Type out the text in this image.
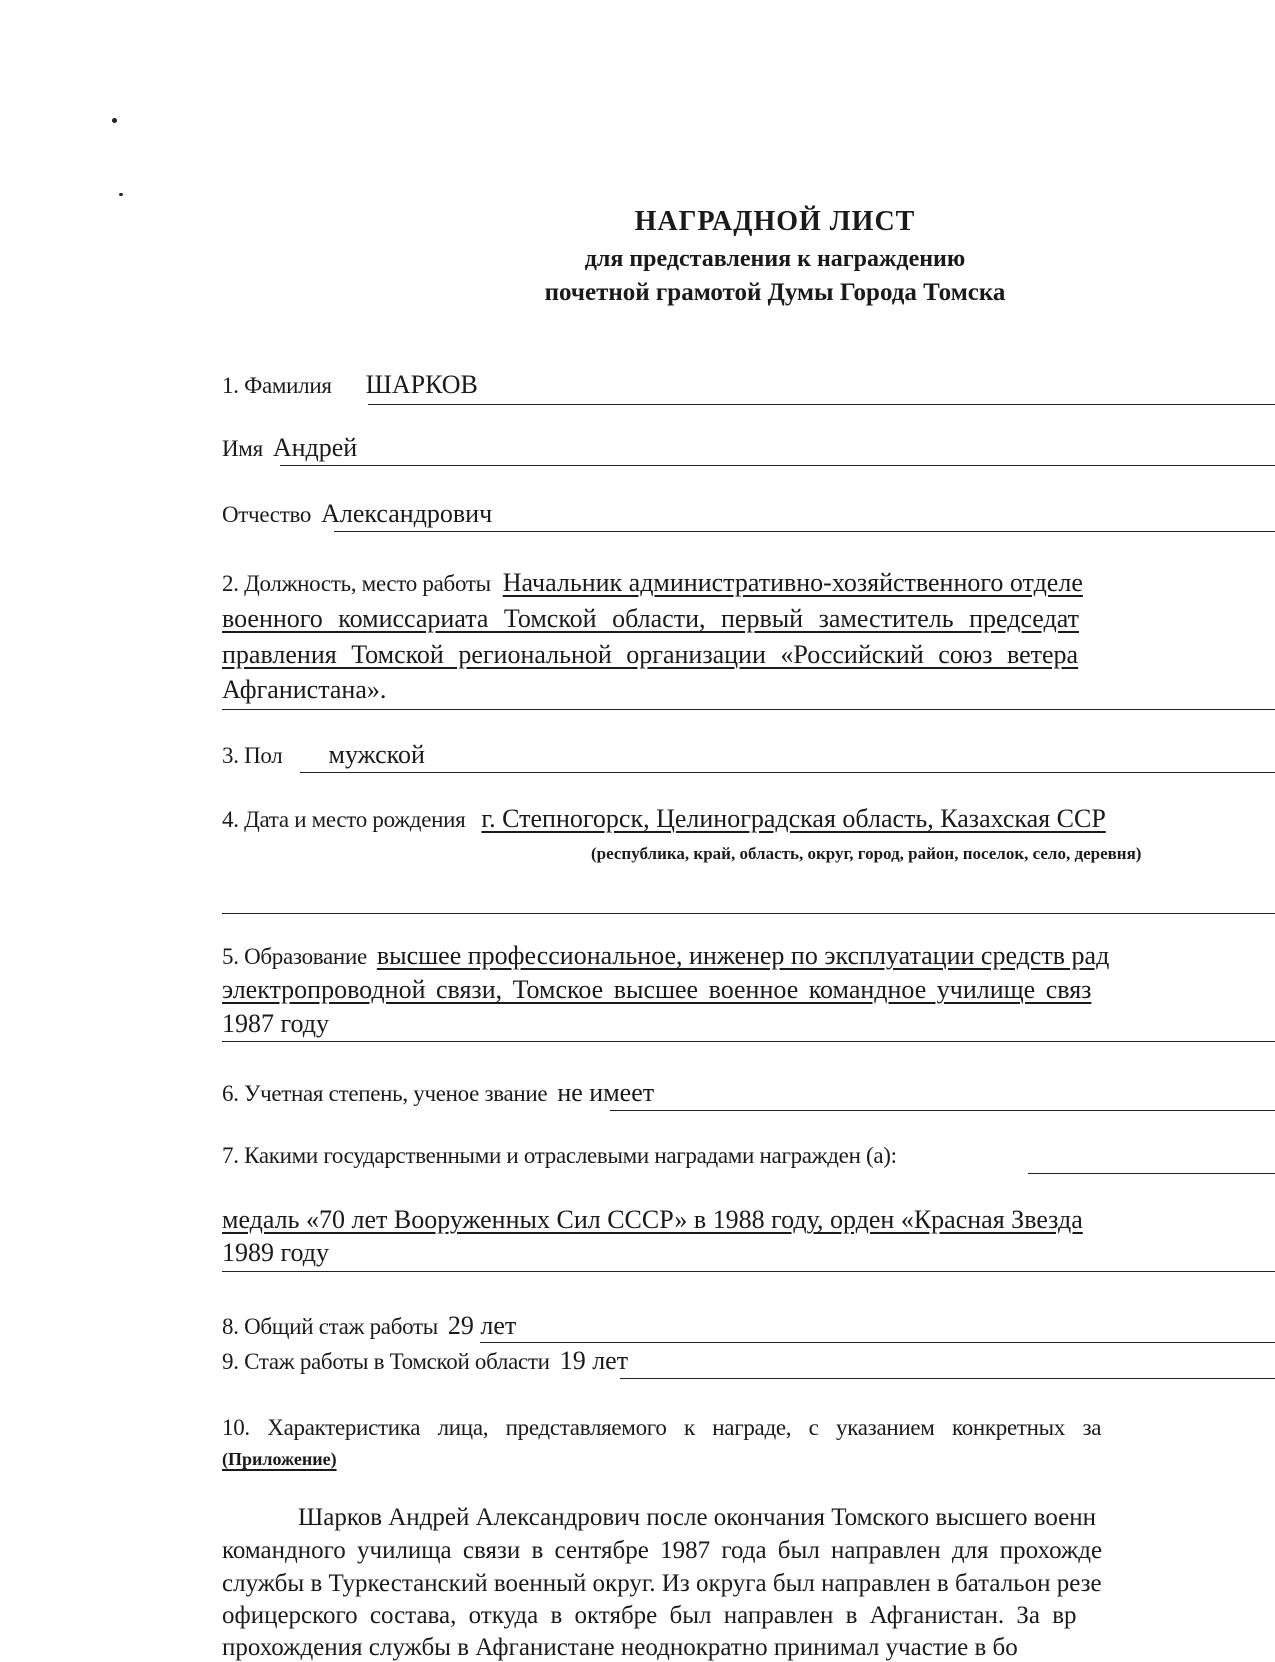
НАГРАДНОЙ ЛИСТ
для представления к награждению
почетной грамотой Думы Города Томска
1. Фамилия ШАРКОВ
Имя Андрей
Отчество Александрович
2. Должность, место работы Начальник административно-хозяйственного отделе
военного комиссариата Томской области, первый заместитель председат
правления Томской региональной организации «Российский союз ветера
Афганистана».
3. Пол мужской
4. Дата и место рождения г. Степногорск, Целиноградская область, Казахская ССР
(республика, край, область, округ, город, район, поселок, село, деревня)
5. Образование высшее профессиональное, инженер по эксплуатации средств рад
электропроводной связи, Томское высшее военное командное училище связ
1987 году
6. Учетная степень, ученое звание не имеет
7. Какими государственными и отраслевыми наградами награжден (а):
медаль «70 лет Вооруженных Сил СССР» в 1988 году, орден «Красная Звезда
1989 году
8. Общий стаж работы 29 лет
9. Стаж работы в Томской области 19 лет
10. Характеристика лица, представляемого к награде, с указанием конкретных за
(Приложение)
Шарков Андрей Александрович после окончания Томского высшего военн
командного училища связи в сентябре 1987 года был направлен для прохожде
службы в Туркестанский военный округ. Из округа был направлен в батальон резе
офицерского состава, откуда в октябре был направлен в Афганистан. За вр
прохождения службы в Афганистане неоднократно принимал участие в бо
